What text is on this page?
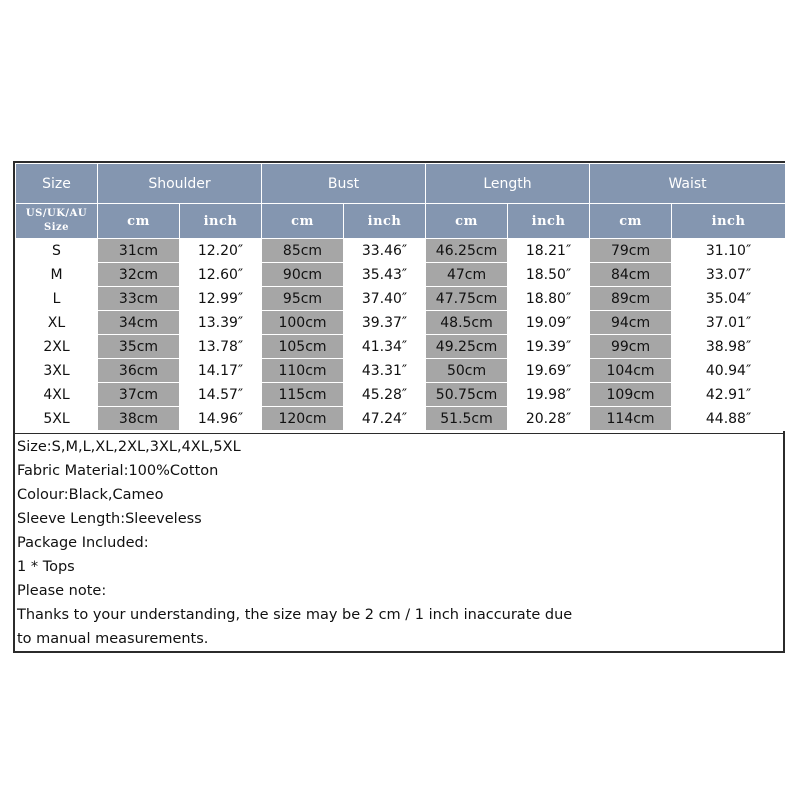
Size	Shoulder		Bust		Length		Waist	

US/UK/AU
Size	cm	inch	cm	inch	cm	inch	cm	inch
S	31cm	12.20″	85cm	33.46″	46.25cm	18.21″	79cm	31.10″
M	32cm	12.60″	90cm	35.43″	47cm	18.50″	84cm	33.07″
L	33cm	12.99″	95cm	37.40″	47.75cm	18.80″	89cm	35.04″
XL	34cm	13.39″	100cm	39.37″	48.5cm	19.09″	94cm	37.01″
2XL	35cm	13.78″	105cm	41.34″	49.25cm	19.39″	99cm	38.98″
3XL	36cm	14.17″	110cm	43.31″	50cm	19.69″	104cm	40.94″
4XL	37cm	14.57″	115cm	45.28″	50.75cm	19.98″	109cm	42.91″
5XL	38cm	14.96″	120cm	47.24″	51.5cm	20.28″	114cm	44.88″
Size:S,M,L,XL,2XL,3XL,4XL,5XL
Fabric Material:100%Cotton
Colour:Black,Cameo
Sleeve Length:Sleeveless
Package Included:
1 * Tops
Please note:
Thanks to your understanding, the size may be 2 cm / 1 inch inaccurate due
to manual measurements.
